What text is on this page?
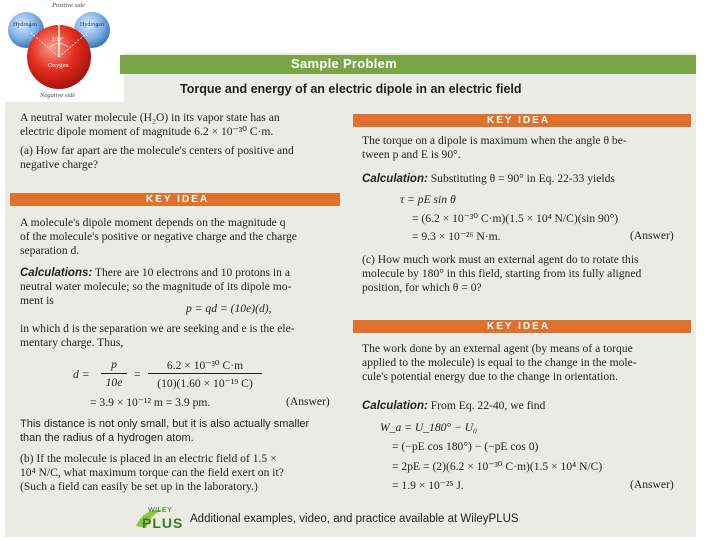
Positive side
Hydrogen	Hydrogen
p
105°
Oxygen
Negative side
Sample Problem
Torque and energy of an electric dipole in an electric field
A neutral water molecule (H₂O) in its vapor state has an
electric dipole moment of magnitude 6.2 × 10⁻³⁰ C·m.
(a) How far apart are the molecule's centers of positive and
negative charge?
KEY IDEA
A molecule's dipole moment depends on the magnitude q
of the molecule's positive or negative charge and the charge
separation d.
Calculations: There are 10 electrons and 10 protons in a
neutral water molecule; so the magnitude of its dipole mo-
ment is
p = qd = (10e)(d),
in which d is the separation we are seeking and e is the ele-
mentary charge. Thus,
d =
p
10e
=
6.2 × 10⁻³⁰ C·m
(10)(1.60 × 10⁻¹⁹ C)
= 3.9 × 10⁻¹² m = 3.9 pm.	(Answer)
This distance is not only small, but it is also actually smaller
than the radius of a hydrogen atom.
(b) If the molecule is placed in an electric field of 1.5 ×
10⁴ N/C, what maximum torque can the field exert on it?
(Such a field can easily be set up in the laboratory.)
KEY IDEA
The torque on a dipole is maximum when the angle θ be-
tween p and E is 90°.
Calculation: Substituting θ = 90° in Eq. 22-33 yields
τ = pE sin θ
= (6.2 × 10⁻³⁰ C·m)(1.5 × 10⁴ N/C)(sin 90°)
= 9.3 × 10⁻²⁶ N·m.	(Answer)
(c) How much work must an external agent do to rotate this
molecule by 180° in this field, starting from its fully aligned
position, for which θ = 0?
KEY IDEA
The work done by an external agent (by means of a torque
applied to the molecule) is equal to the change in the mole-
cule's potential energy due to the change in orientation.
Calculation: From Eq. 22-40, we find
W_a = U_180° − U₀
= (−pE cos 180°) − (−pE cos 0)
= 2pE = (2)(6.2 × 10⁻³⁰ C·m)(1.5 × 10⁴ N/C)
= 1.9 × 10⁻²⁵ J.	(Answer)
WILEY
PLUS Additional examples, video, and practice available at WileyPLUS
